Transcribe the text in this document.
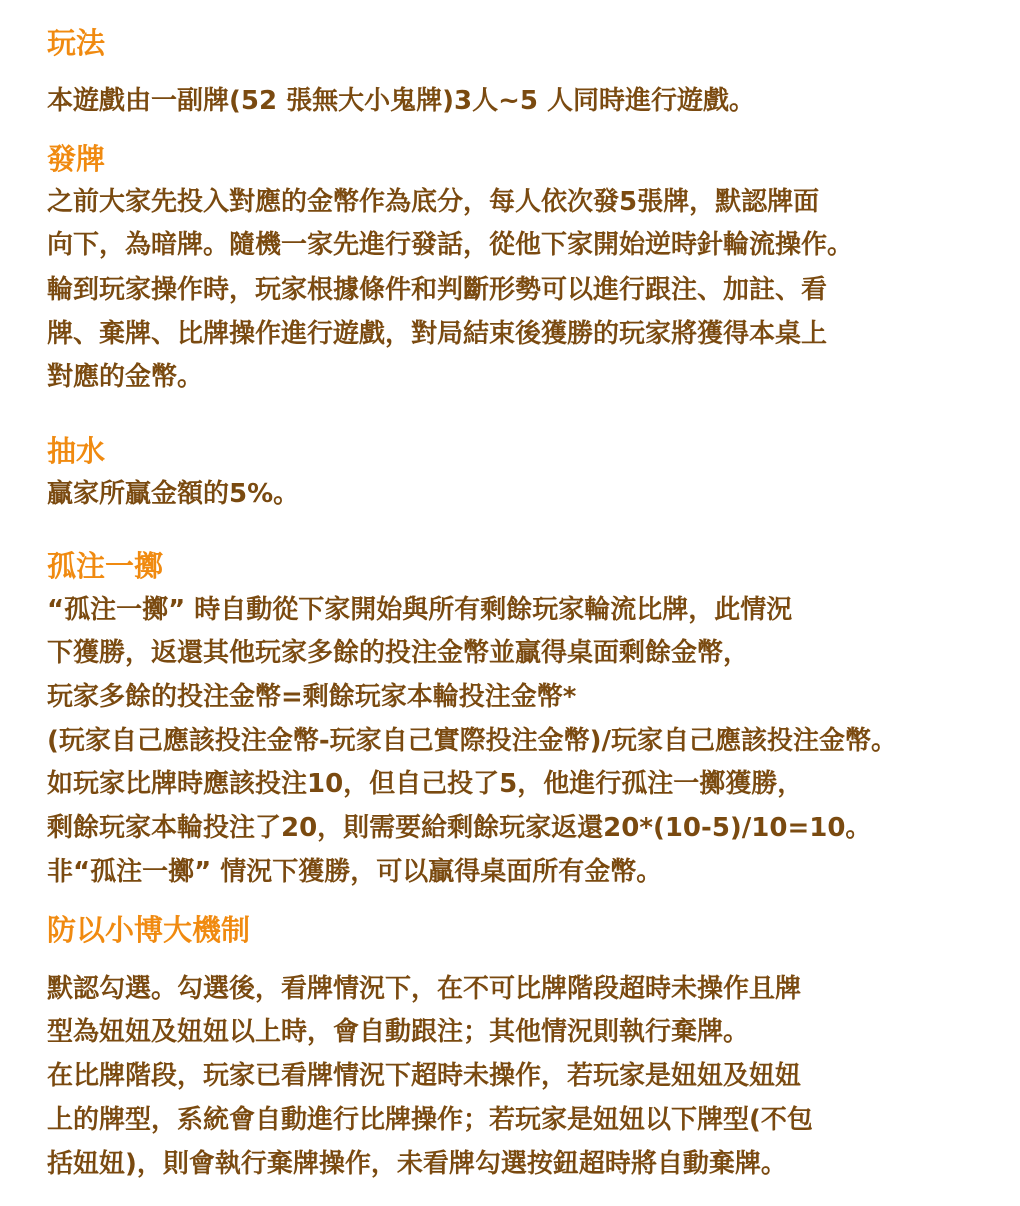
玩法
本遊戲由一副牌(52 張無大小鬼牌)3人~5 人同時進行遊戲。
發牌
之前大家先投入對應的金幣作為底分，每人依次發5張牌，默認牌面
向下，為暗牌。隨機一家先進行發話，從他下家開始逆時針輪流操作。
輪到玩家操作時，玩家根據條件和判斷形勢可以進行跟注、加註、看
牌、棄牌、比牌操作進行遊戲，對局結束後獲勝的玩家將獲得本桌上
對應的金幣。
抽水
贏家所贏金額的5%。
孤注一擲
“孤注一擲” 時自動從下家開始與所有剩餘玩家輪流比牌，此情況
下獲勝，返還其他玩家多餘的投注金幣並贏得桌面剩餘金幣，
玩家多餘的投注金幣=剩餘玩家本輪投注金幣*
(玩家自己應該投注金幣-玩家自己實際投注金幣)/玩家自己應該投注金幣。
如玩家比牌時應該投注10，但自己投了5，他進行孤注一擲獲勝，
剩餘玩家本輪投注了20，則需要給剩餘玩家返還20*(10-5)/10=10。
非“孤注一擲” 情況下獲勝，可以贏得桌面所有金幣。
防以小博大機制
默認勾選。勾選後，看牌情況下，在不可比牌階段超時未操作且牌
型為妞妞及妞妞以上時，會自動跟注；其他情況則執行棄牌。
在比牌階段，玩家已看牌情況下超時未操作，若玩家是妞妞及妞妞
上的牌型，系統會自動進行比牌操作；若玩家是妞妞以下牌型(不包
括妞妞)，則會執行棄牌操作，未看牌勾選按鈕超時將自動棄牌。
